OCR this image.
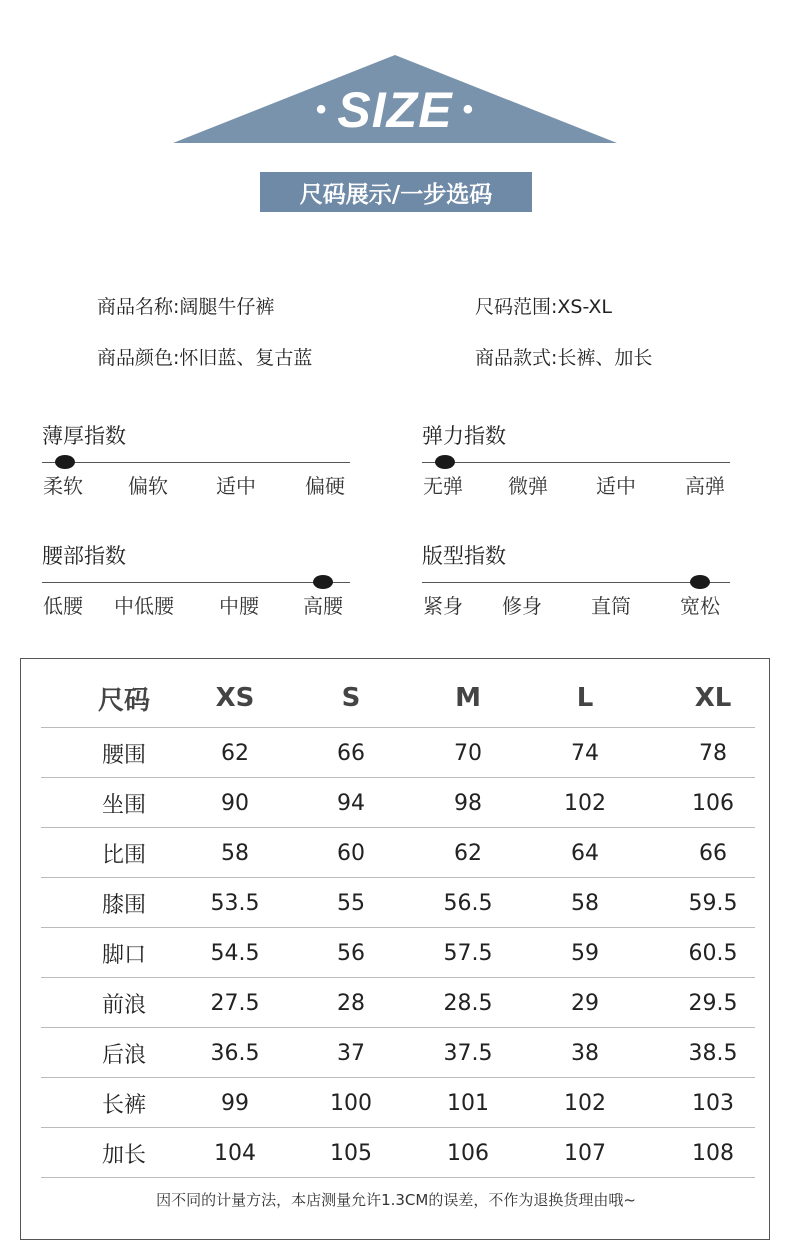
• SIZE •
尺码展示/一步选码
商品名称:阔腿牛仔裤	尺码范围:XS-XL
商品颜色:怀旧蓝、复古蓝	商品款式:长裤、加长
薄厚指数
柔软 偏软 适中 偏硬
弹力指数
无弹 微弹 适中 高弹
腰部指数
低腰 中低腰 中腰 高腰
版型指数
紧身 修身 直筒 宽松
尺码	XS	S	M	L	XL
腰围	62	66	70	74	78
坐围	90	94	98	102	106
比围	58	60	62	64	66
膝围	53.5	55	56.5	58	59.5
脚口	54.5	56	57.5	59	60.5
前浪	27.5	28	28.5	29	29.5
后浪	36.5	37	37.5	38	38.5
长裤	99	100	101	102	103
加长	104	105	106	107	108
因不同的计量方法，本店测量允许1.3CM的误差，不作为退换货理由哦~
